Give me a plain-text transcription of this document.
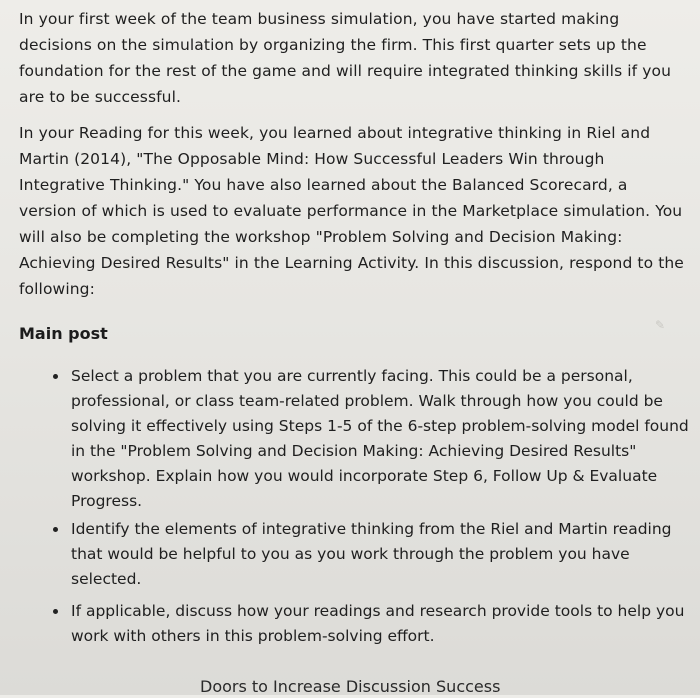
In your first week of the team business simulation, you have started making decisions on the simulation by organizing the firm. This first quarter sets up the foundation for the rest of the game and will require integrated thinking skills if you are to be successful.

In your Reading for this week, you learned about integrative thinking in Riel and Martin (2014), "The Opposable Mind: How Successful Leaders Win through Integrative Thinking." You have also learned about the Balanced Scorecard, a version of which is used to evaluate performance in the Marketplace simulation. You will also be completing the workshop "Problem Solving and Decision Making: Achieving Desired Results" in the Learning Activity. In this discussion, respond to the following:

✎

Main post

Select a problem that you are currently facing. This could be a personal, professional, or class team-related problem. Walk through how you could be solving it effectively using Steps 1-5 of the 6-step problem-solving model found in the "Problem Solving and Decision Making: Achieving Desired Results" workshop. Explain how you would incorporate Step 6, Follow Up & Evaluate Progress.
Identify the elements of integrative thinking from the Riel and Martin reading that would be helpful to you as you work through the problem you have selected.
If applicable, discuss how your readings and research provide tools to help you work with others in this problem-solving effort.
Doors to Increase Discussion Success
